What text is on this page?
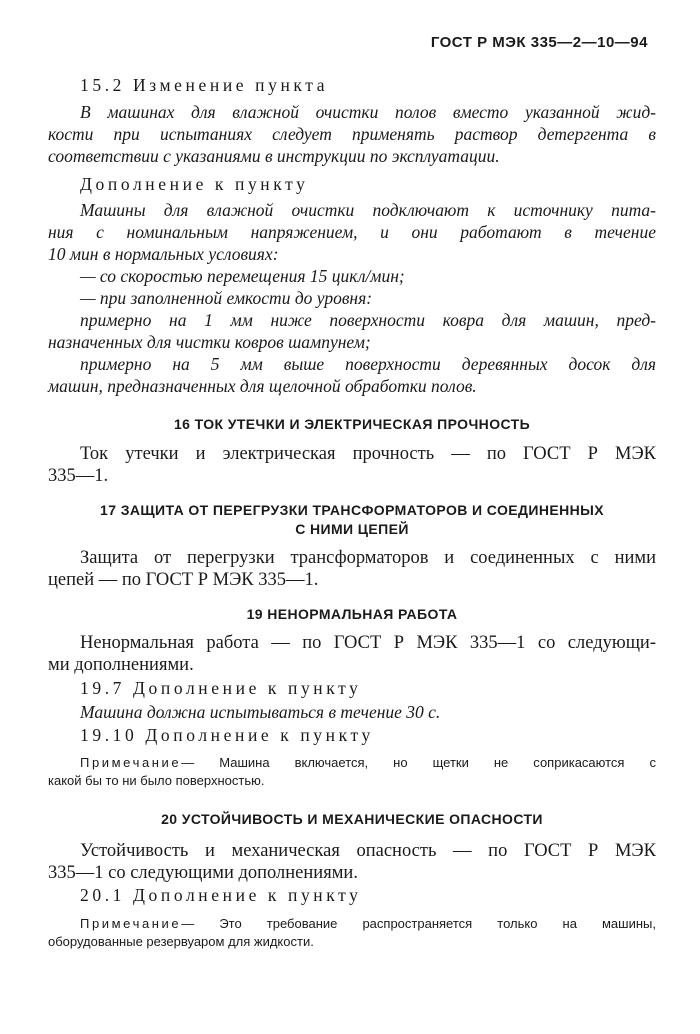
ГОСТ Р МЭК 335—2—10—94

15.2 Изменение пункта

В машинах для влажной очистки полов вместо указанной жид-

кости при испытаниях следует применять раствор детергента в

соответствии с указаниями в инструкции по эксплуатации.

Дополнение к пункту

Машины для влажной очистки подключают к источнику пита-

ния с номинальным напряжением, и они работают в течение

10 мин в нормальных условиях:

— со скоростью перемещения 15 цикл/мин;

— при заполненной емкости до уровня:

примерно на 1 мм ниже поверхности ковра для машин, пред-

назначенных для чистки ковров шампунем;

примерно на 5 мм выше поверхности деревянных досок для

машин, предназначенных для щелочной обработки полов.

16 ТОК УТЕЧКИ И ЭЛЕКТРИЧЕСКАЯ ПРОЧНОСТЬ

Ток утечки и электрическая прочность — по ГОСТ Р МЭК

335—1.

17 ЗАЩИТА ОТ ПЕРЕГРУЗКИ ТРАНСФОРМАТОРОВ И СОЕДИНЕННЫХ

С НИМИ ЦЕПЕЙ

Защита от перегрузки трансформаторов и соединенных с ними

цепей — по ГОСТ Р МЭК 335—1.

19 НЕНОРМАЛЬНАЯ РАБОТА

Ненормальная работа — по ГОСТ Р МЭК 335—1 со следующи-

ми дополнениями.

19.7 Дополнение к пункту

Машина должна испытываться в течение 30 с.

19.10 Дополнение к пункту

Примечание— Машина включается, но щетки не соприкасаются с

какой бы то ни было поверхностью.

20 УСТОЙЧИВОСТЬ И МЕХАНИЧЕСКИЕ ОПАСНОСТИ

Устойчивость и механическая опасность — по ГОСТ Р МЭК

335—1 со следующими дополнениями.

20.1 Дополнение к пункту

Примечание— Это требование распространяется только на машины,

оборудованные резервуаром для жидкости.
